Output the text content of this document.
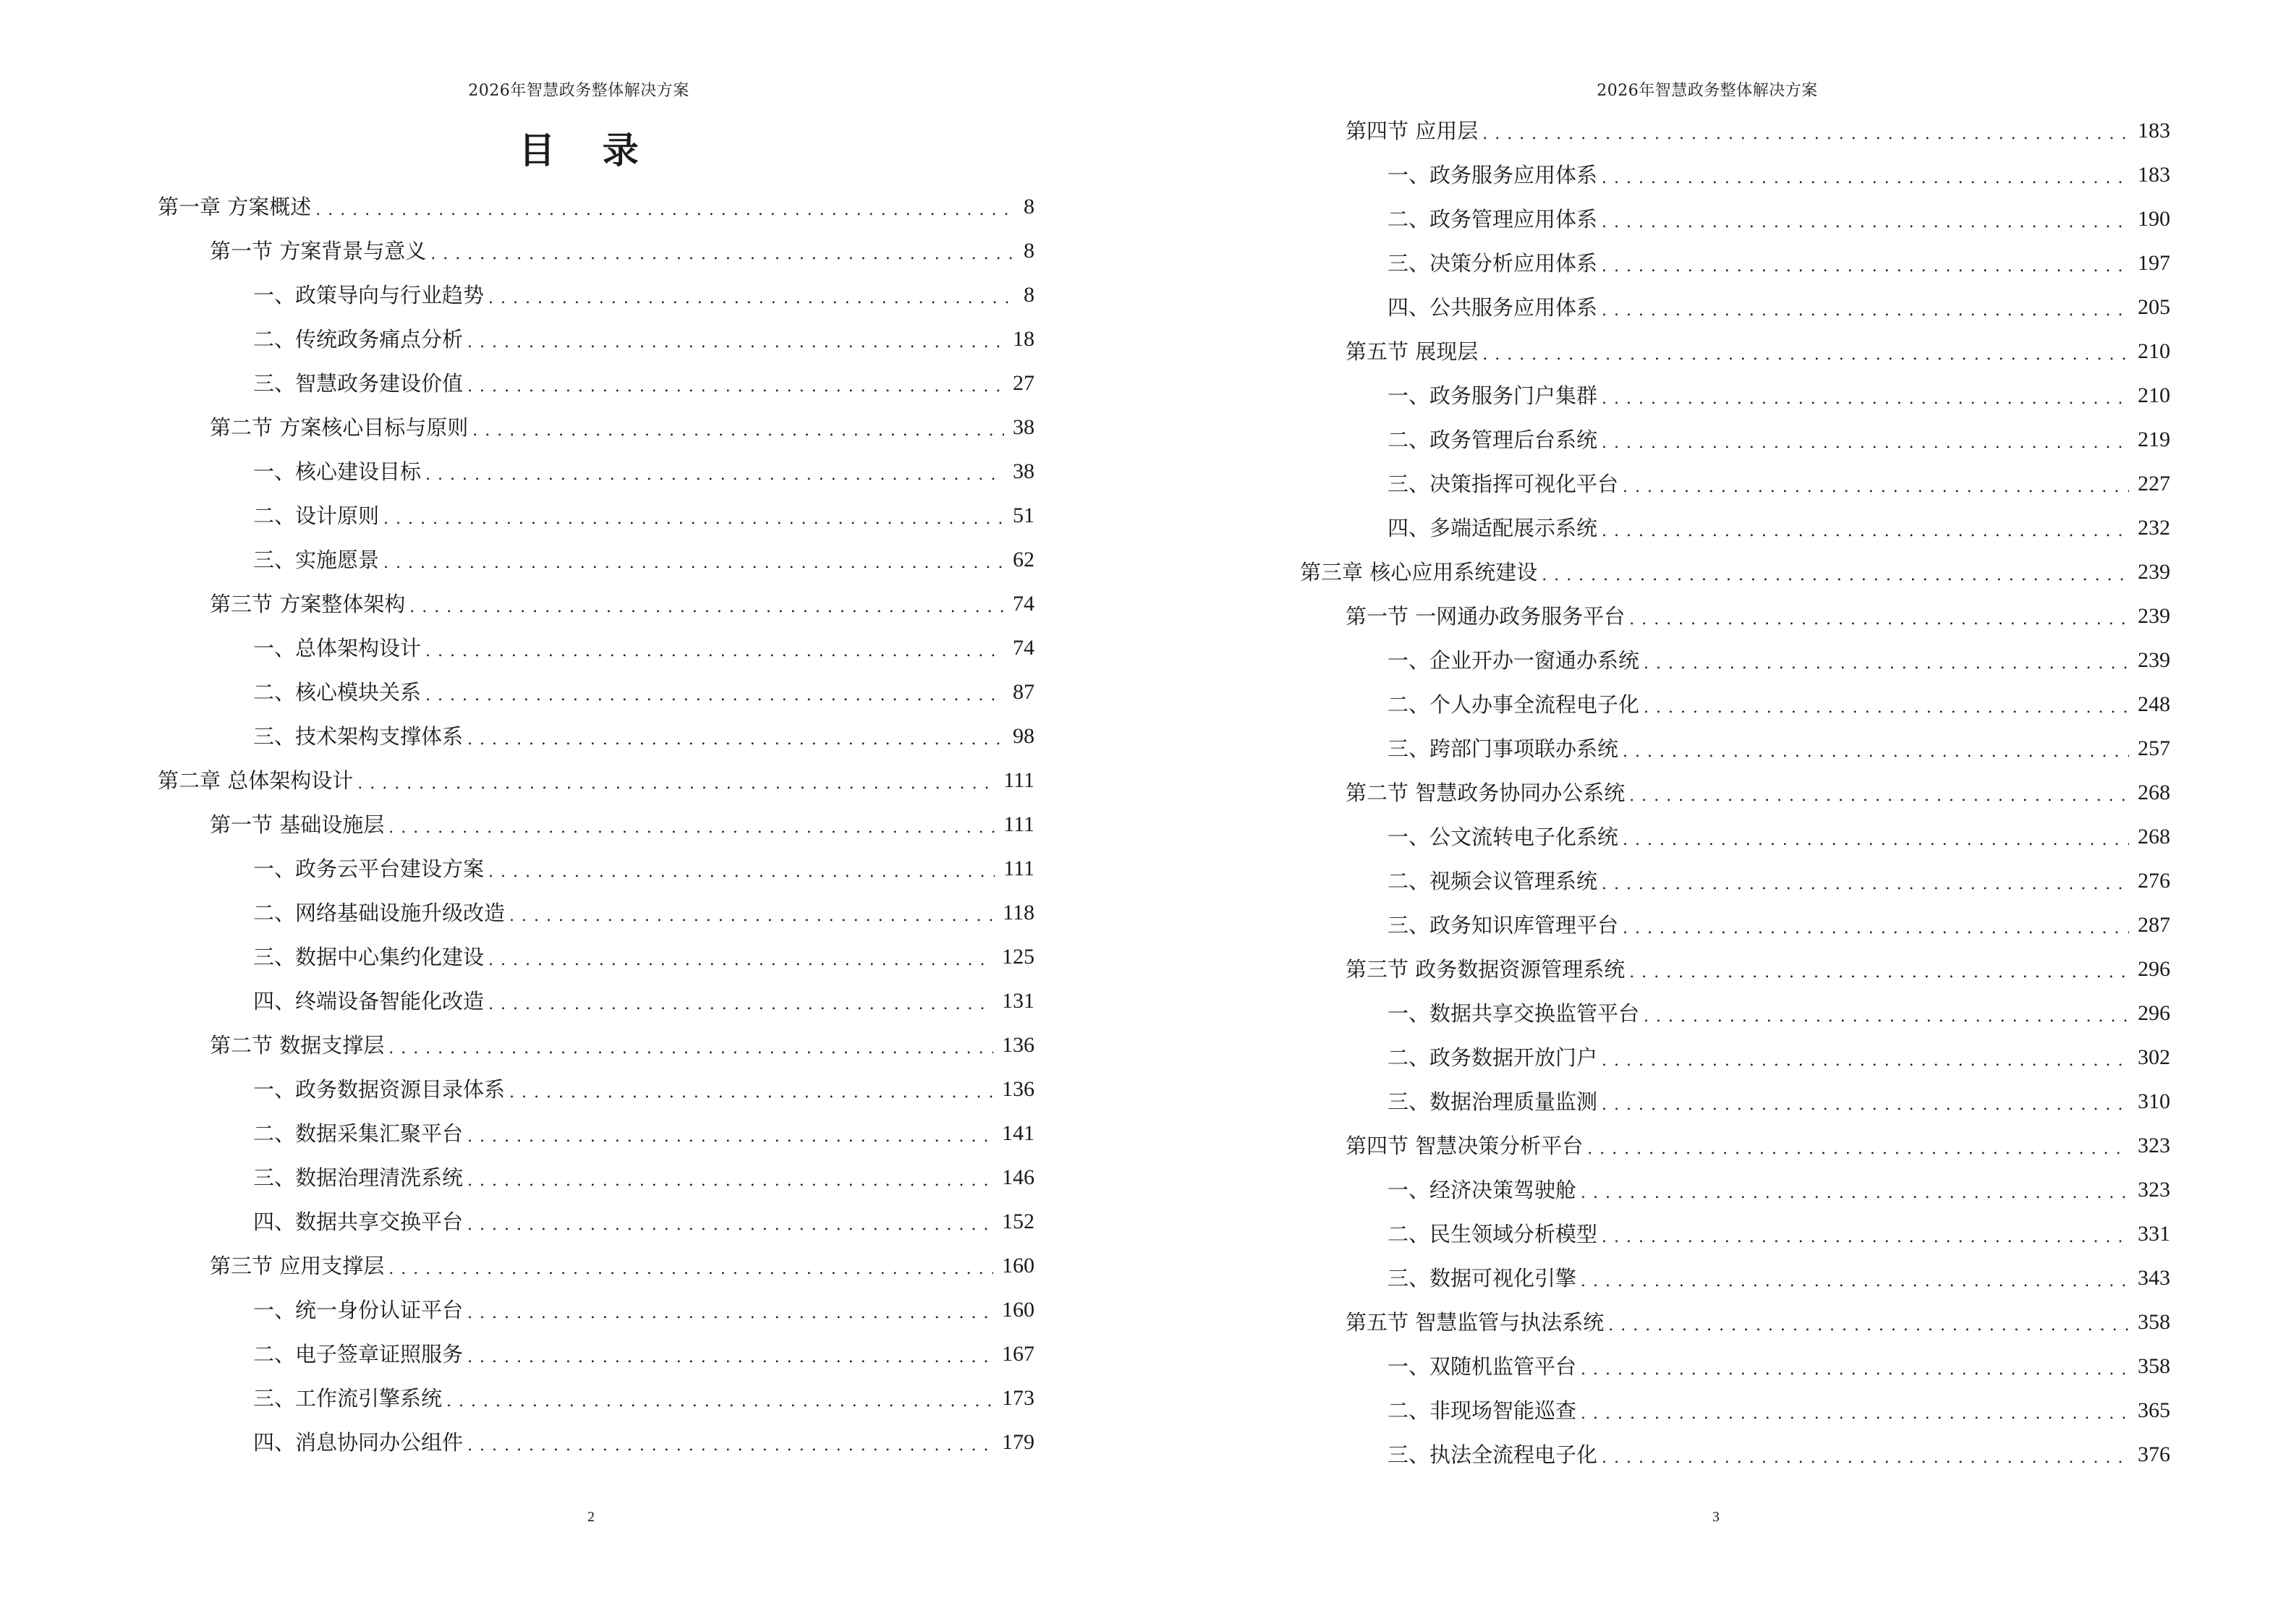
2026年智慧政务整体解决方案
目 录
第一章 方案概述 . . .	8
第一节 方案背景与意义 . . .	8
一、政策导向与行业趋势 . . .	8
二、传统政务痛点分析 . . .	18
三、智慧政务建设价值 . . .	27
第二节 方案核心目标与原则 . . .	38
一、核心建设目标 . . .	38
二、设计原则 . . .	51
三、实施愿景 . . .	62
第三节 方案整体架构 . . .	74
一、总体架构设计 . . .	74
二、核心模块关系 . . .	87
三、技术架构支撑体系 . . .	98
第二章 总体架构设计 . . .	111
第一节 基础设施层 . . .	111
一、政务云平台建设方案 . . .	111
二、网络基础设施升级改造 . . .	118
三、数据中心集约化建设 . . .	125
四、终端设备智能化改造 . . .	131
第二节 数据支撑层 . . .	136
一、政务数据资源目录体系 . . .	136
二、数据采集汇聚平台 . . .	141
三、数据治理清洗系统 . . .	146
四、数据共享交换平台 . . .	152
第三节 应用支撑层 . . .	160
一、统一身份认证平台 . . .	160
二、电子签章证照服务 . . .	167
三、工作流引擎系统 . . .	173
四、消息协同办公组件 . . .	179
2
2026年智慧政务整体解决方案
第四节 应用层 . . .	183
一、政务服务应用体系 . . .	183
二、政务管理应用体系 . . .	190
三、决策分析应用体系 . . .	197
四、公共服务应用体系 . . .	205
第五节 展现层 . . .	210
一、政务服务门户集群 . . .	210
二、政务管理后台系统 . . .	219
三、决策指挥可视化平台 . . .	227
四、多端适配展示系统 . . .	232
第三章 核心应用系统建设 . . .	239
第一节 一网通办政务服务平台 . . .	239
一、企业开办一窗通办系统 . . .	239
二、个人办事全流程电子化 . . .	248
三、跨部门事项联办系统 . . .	257
第二节 智慧政务协同办公系统 . . .	268
一、公文流转电子化系统 . . .	268
二、视频会议管理系统 . . .	276
三、政务知识库管理平台 . . .	287
第三节 政务数据资源管理系统 . . .	296
一、数据共享交换监管平台 . . .	296
二、政务数据开放门户 . . .	302
三、数据治理质量监测 . . .	310
第四节 智慧决策分析平台 . . .	323
一、经济决策驾驶舱 . . .	323
二、民生领域分析模型 . . .	331
三、数据可视化引擎 . . .	343
第五节 智慧监管与执法系统 . . .	358
一、双随机监管平台 . . .	358
二、非现场智能巡查 . . .	365
三、执法全流程电子化 . . .	376
3
